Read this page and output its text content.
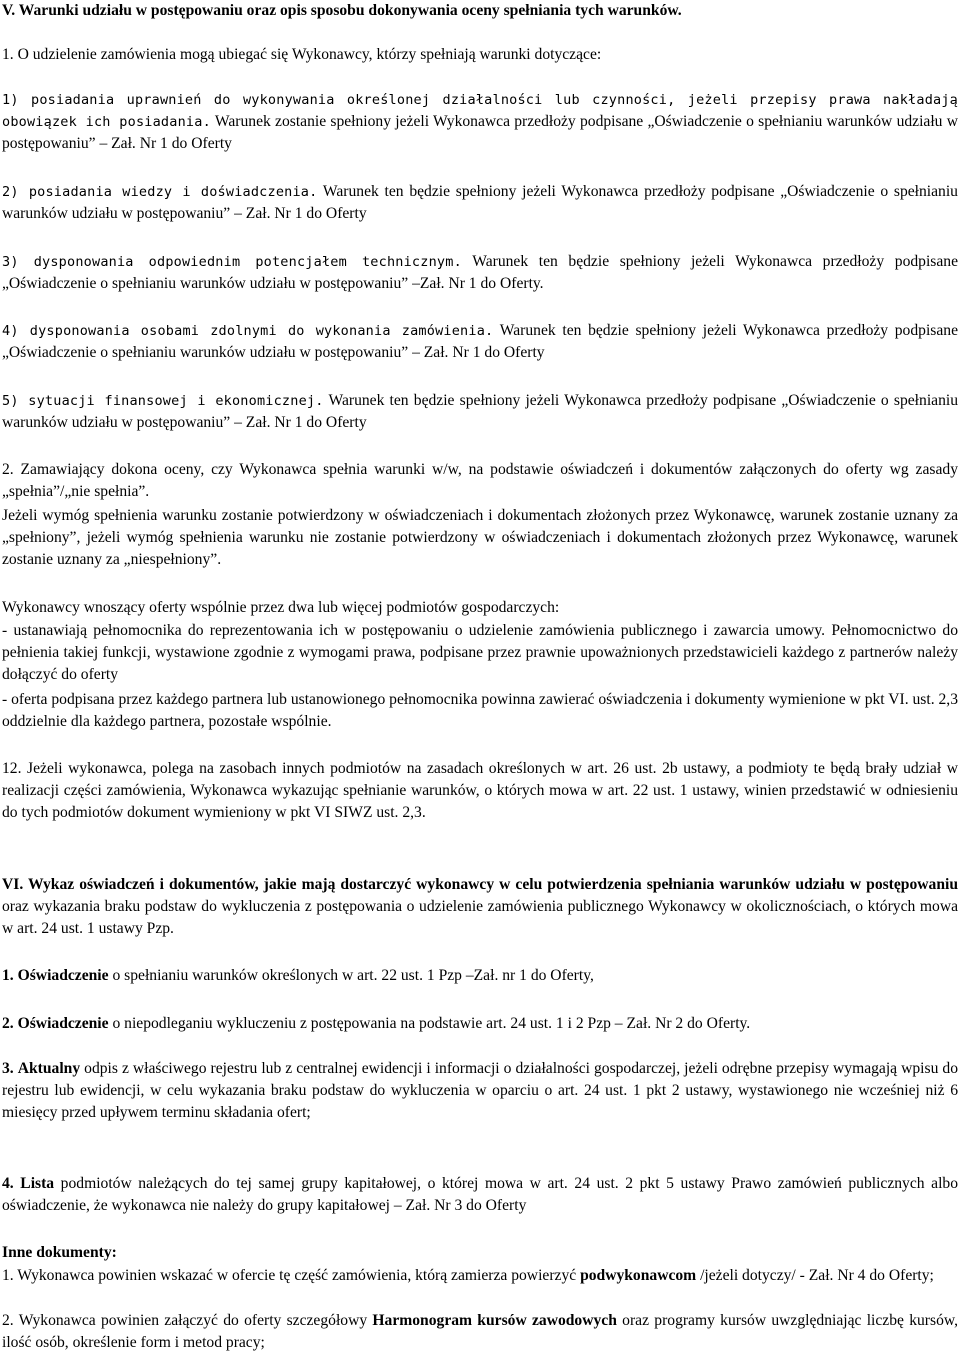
V. Warunki udziału w postępowaniu oraz opis sposobu dokonywania oceny spełniania tych warunków.
1. O udzielenie zamówienia mogą ubiegać się Wykonawcy, którzy spełniają warunki dotyczące:
1) posiadania uprawnień do wykonywania określonej działalności lub czynności, jeżeli przepisy prawa nakładają obowiązek ich posiadania. Warunek zostanie spełniony jeżeli Wykonawca przedłoży podpisane „Oświadczenie o spełnianiu warunków udziału w postępowaniu” – Zał. Nr 1 do Oferty
2) posiadania wiedzy i doświadczenia. Warunek ten będzie spełniony jeżeli Wykonawca przedłoży podpisane „Oświadczenie o spełnianiu warunków udziału w postępowaniu” – Zał. Nr 1 do Oferty
3) dysponowania odpowiednim potencjałem technicznym. Warunek ten będzie spełniony jeżeli Wykonawca przedłoży podpisane „Oświadczenie o spełnianiu warunków udziału w postępowaniu” –Zał. Nr 1 do Oferty.
4) dysponowania osobami zdolnymi do wykonania zamówienia. Warunek ten będzie spełniony jeżeli Wykonawca przedłoży podpisane „Oświadczenie o spełnianiu warunków udziału w postępowaniu” – Zał. Nr 1 do Oferty
5) sytuacji finansowej i ekonomicznej. Warunek ten będzie spełniony jeżeli Wykonawca przedłoży podpisane „Oświadczenie o spełnianiu warunków udziału w postępowaniu” – Zał. Nr 1 do Oferty
2. Zamawiający dokona oceny, czy Wykonawca spełnia warunki w/w, na podstawie oświadczeń i dokumentów załączonych do oferty wg zasady „spełnia”/„nie spełnia”.
Jeżeli wymóg spełnienia warunku zostanie potwierdzony w oświadczeniach i dokumentach złożonych przez Wykonawcę, warunek zostanie uznany za „spełniony”, jeżeli wymóg spełnienia warunku nie zostanie potwierdzony w oświadczeniach i dokumentach złożonych przez Wykonawcę, warunek zostanie uznany za „niespełniony”.
Wykonawcy wnoszący oferty wspólnie przez dwa lub więcej podmiotów gospodarczych:
- ustanawiają pełnomocnika do reprezentowania ich w postępowaniu o udzielenie zamówienia publicznego i zawarcia umowy. Pełnomocnictwo do pełnienia takiej funkcji, wystawione zgodnie z wymogami prawa, podpisane przez prawnie upoważnionych przedstawicieli każdego z partnerów należy dołączyć do oferty
- oferta podpisana przez każdego partnera lub ustanowionego pełnomocnika powinna zawierać oświadczenia i dokumenty wymienione w pkt VI. ust. 2,3 oddzielnie dla każdego partnera, pozostałe wspólnie.
12. Jeżeli wykonawca, polega na zasobach innych podmiotów na zasadach określonych w art. 26 ust. 2b ustawy, a podmioty te będą brały udział w realizacji części zamówienia, Wykonawca wykazując spełnianie warunków, o których mowa w art. 22 ust. 1 ustawy, winien przedstawić w odniesieniu do tych podmiotów dokument wymieniony w pkt VI SIWZ ust. 2,3.
VI. Wykaz oświadczeń i dokumentów, jakie mają dostarczyć wykonawcy w celu potwierdzenia spełniania warunków udziału w postępowaniu oraz wykazania braku podstaw do wykluczenia z postępowania o udzielenie zamówienia publicznego Wykonawcy w okolicznościach, o których mowa w art. 24 ust. 1 ustawy Pzp.
1. Oświadczenie o spełnianiu warunków określonych w art. 22 ust. 1 Pzp –Zał. nr 1 do Oferty,
2. Oświadczenie o niepodleganiu wykluczeniu z postępowania na podstawie art. 24 ust. 1 i 2 Pzp – Zał. Nr 2 do Oferty.
3. Aktualny odpis z właściwego rejestru lub z centralnej ewidencji i informacji o działalności gospodarczej, jeżeli odrębne przepisy wymagają wpisu do rejestru lub ewidencji, w celu wykazania braku podstaw do wykluczenia w oparciu o art. 24 ust. 1 pkt 2 ustawy, wystawionego nie wcześniej niż 6 miesięcy przed upływem terminu składania ofert;
4. Lista podmiotów należących do tej samej grupy kapitałowej, o której mowa w art. 24 ust. 2 pkt 5 ustawy Prawo zamówień publicznych albo oświadczenie, że wykonawca nie należy do grupy kapitałowej – Zał. Nr 3 do Oferty
Inne dokumenty:
1. Wykonawca powinien wskazać w ofercie tę część zamówienia, którą zamierza powierzyć podwykonawcom /jeżeli dotyczy/ - Zał. Nr 4 do Oferty;
2. Wykonawca powinien załączyć do oferty szczegółowy Harmonogram kursów zawodowych oraz programy kursów uwzględniając liczbę kursów, ilość osób, określenie form i metod pracy;
